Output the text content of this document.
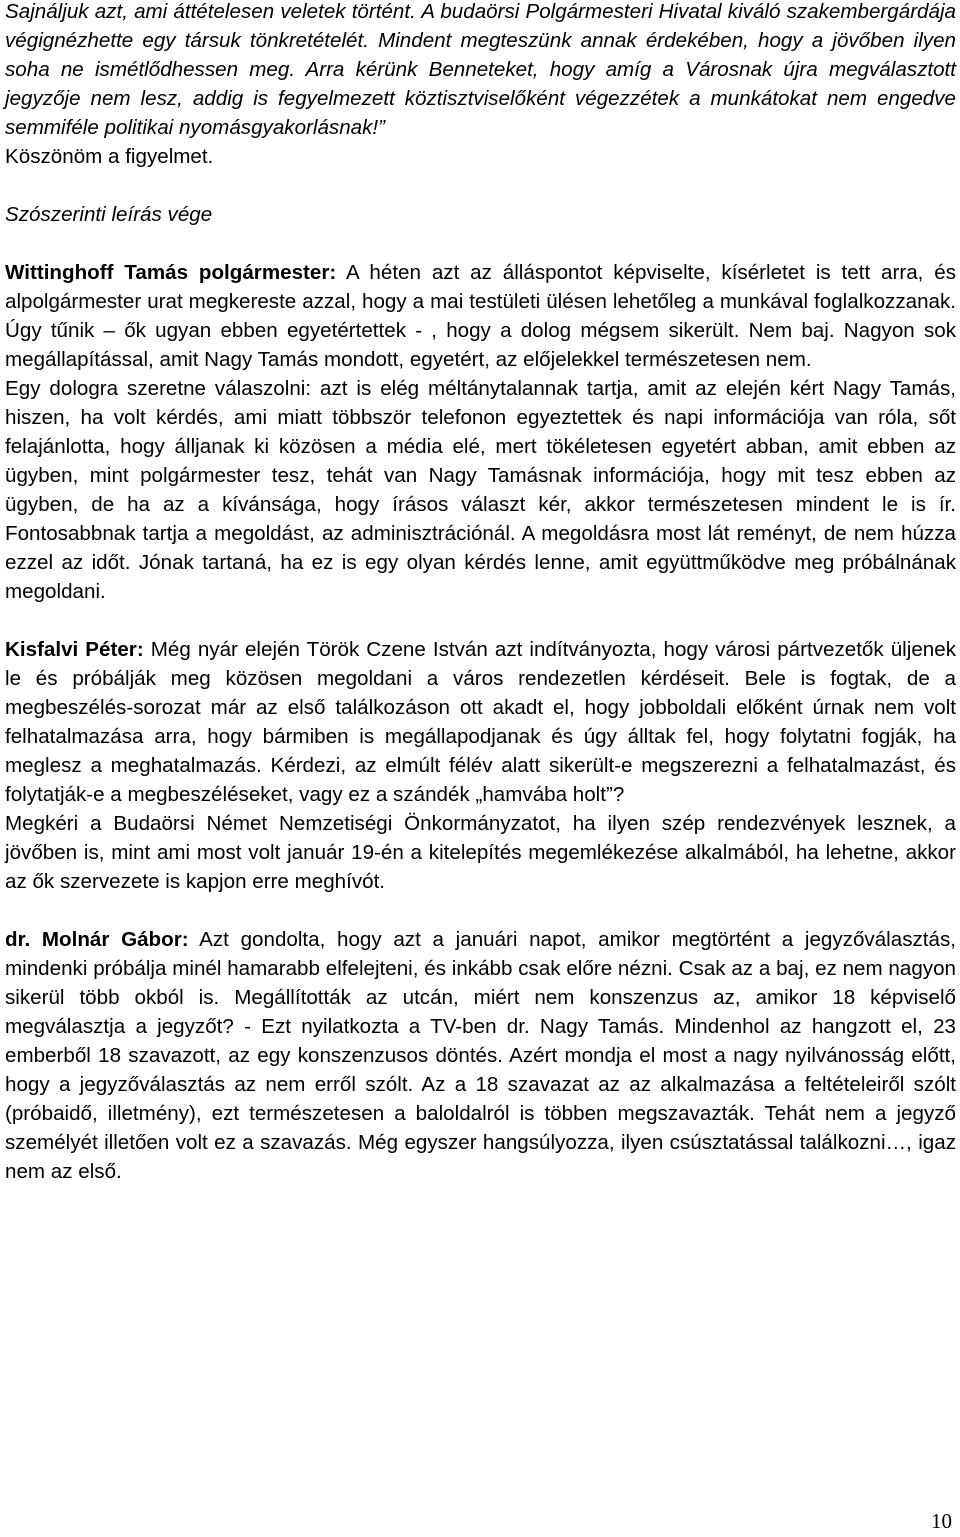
Sajnáljuk azt, ami áttételesen veletek történt. A budaörsi Polgármesteri Hivatal kiváló szakembergárdája végignézhette egy társuk tönkretételét. Mindent megteszünk annak érdekében, hogy a jövőben ilyen soha ne ismétlődhessen meg. Arra kérünk Benneteket, hogy amíg a Városnak újra megválasztott jegyzője nem lesz, addig is fegyelmezett köztisztviselőként végezzétek a munkátokat nem engedve semmiféle politikai nyomásgyakorlásnak!”

Köszönöm a figyelmet.

Szószerinti leírás vége

Wittinghoff Tamás polgármester: A héten azt az álláspontot képviselte, kísérletet is tett arra, és alpolgármester urat megkereste azzal, hogy a mai testületi ülésen lehetőleg a munkával foglalkozzanak. Úgy tűnik – ők ugyan ebben egyetértettek - , hogy a dolog mégsem sikerült. Nem baj. Nagyon sok megállapítással, amit Nagy Tamás mondott, egyetért, az előjelekkel természetesen nem.

Egy dologra szeretne válaszolni: azt is elég méltánytalannak tartja, amit az elején kért Nagy Tamás, hiszen, ha volt kérdés, ami miatt többször telefonon egyeztettek és napi információja van róla, sőt felajánlotta, hogy álljanak ki közösen a média elé, mert tökéletesen egyetért abban, amit ebben az ügyben, mint polgármester tesz, tehát van Nagy Tamásnak információja, hogy mit tesz ebben az ügyben, de ha az a kívánsága, hogy írásos választ kér, akkor természetesen mindent le is ír. Fontosabbnak tartja a megoldást, az adminisztrációnál. A megoldásra most lát reményt, de nem húzza ezzel az időt. Jónak tartaná, ha ez is egy olyan kérdés lenne, amit együttműködve meg próbálnának megoldani.

Kisfalvi Péter: Még nyár elején Török Czene István azt indítványozta, hogy városi pártvezetők üljenek le és próbálják meg közösen megoldani a város rendezetlen kérdéseit. Bele is fogtak, de a megbeszélés-sorozat már az első találkozáson ott akadt el, hogy jobboldali előként úrnak nem volt felhatalmazása arra, hogy bármiben is megállapodjanak és úgy álltak fel, hogy folytatni fogják, ha meglesz a meghatalmazás. Kérdezi, az elmúlt félév alatt sikerült-e megszerezni a felhatalmazást, és folytatják-e a megbeszéléseket, vagy ez a szándék „hamvába holt”?

Megkéri a Budaörsi Német Nemzetiségi Önkormányzatot, ha ilyen szép rendezvények lesznek, a jövőben is, mint ami most volt január 19-én a kitelepítés megemlékezése alkalmából, ha lehetne, akkor az ők szervezete is kapjon erre meghívót.

dr. Molnár Gábor: Azt gondolta, hogy azt a januári napot, amikor megtörtént a jegyzőválasztás, mindenki próbálja minél hamarabb elfelejteni, és inkább csak előre nézni. Csak az a baj, ez nem nagyon sikerül több okból is. Megállították az utcán, miért nem konszenzus az, amikor 18 képviselő megválasztja a jegyzőt? - Ezt nyilatkozta a TV-ben dr. Nagy Tamás. Mindenhol az hangzott el, 23 emberből 18 szavazott, az egy konszenzusos döntés. Azért mondja el most a nagy nyilvánosság előtt, hogy a jegyzőválasztás az nem erről szólt. Az a 18 szavazat az az alkalmazása a feltételeiről szólt (próbaidő, illetmény), ezt természetesen a baloldalról is többen megszavazták. Tehát nem a jegyző személyét illetően volt ez a szavazás. Még egyszer hangsúlyozza, ilyen csúsztatással találkozni…, igaz nem az első.

10
